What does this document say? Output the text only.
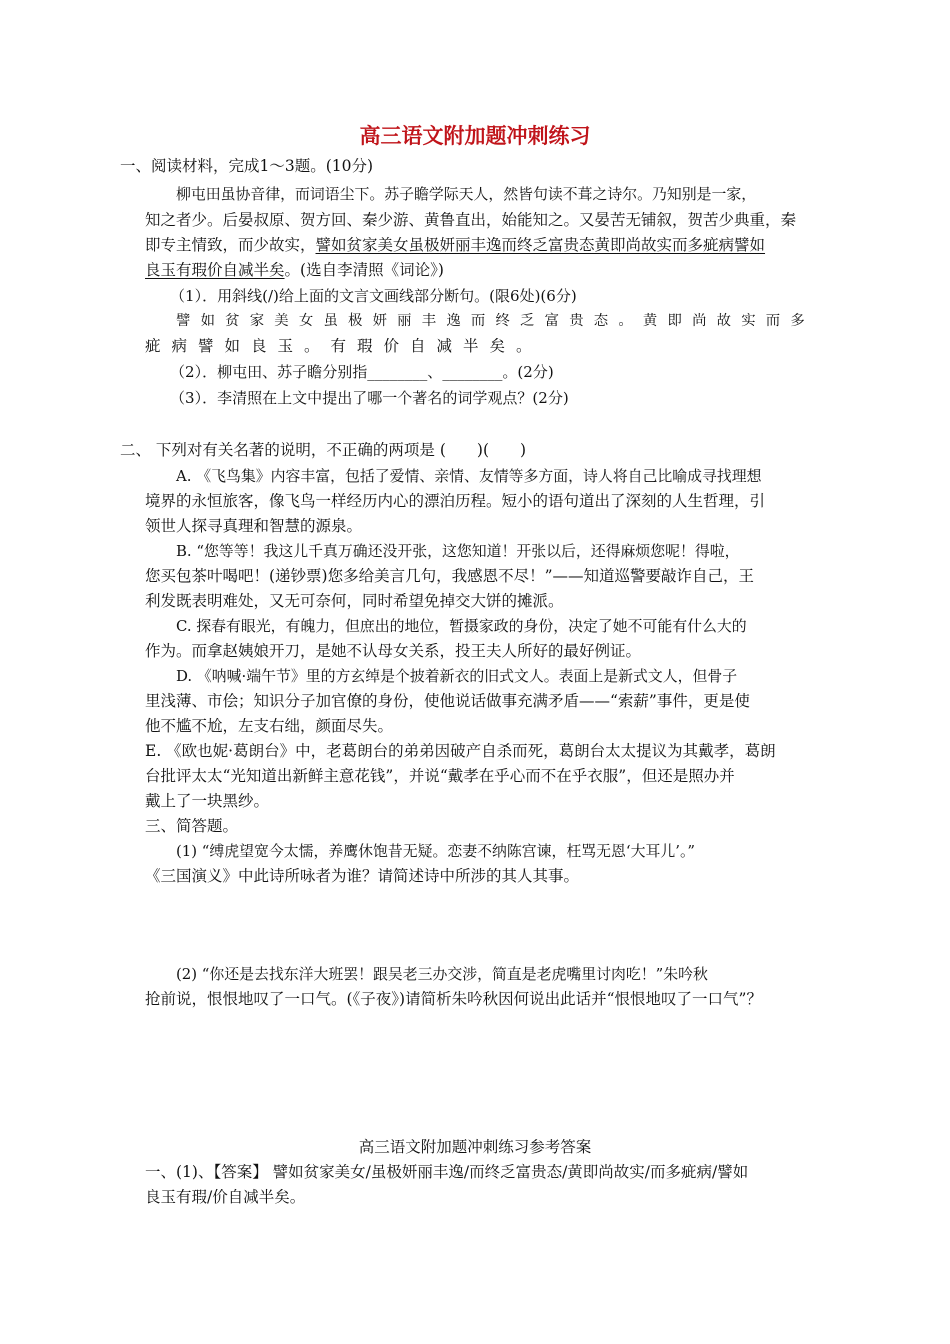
高三语文附加题冲刺练习
一、阅读材料，完成1～3题。(10分)
柳屯田虽协音律，而词语尘下。苏子瞻学际天人，然皆句读不葺之诗尔。乃知别是一家，
知之者少。后晏叔原、贺方回、秦少游、黄鲁直出，始能知之。又晏苦无铺叙，贺苦少典重，秦
即专主情致，而少故实，譬如贫家美女虽极妍丽丰逸而终乏富贵态黄即尚故实而多疵病譬如
良玉有瑕价自减半矣。(选自李清照《词论》)
（1）．用斜线(/)给上面的文言文画线部分断句。(限6处)(6分)
譬如贫家美女虽极妍丽丰逸而终乏富贵态。黄即尚故实而多
疵病譬如良玉。有瑕价自减半矣。
（2）．柳屯田、苏子瞻分别指________、________。(2分)
（3）．李清照在上文中提出了哪一个著名的词学观点？(2分)
二、 下列对有关名著的说明，不正确的两项是 (　　)(　　)
A. 《飞鸟集》内容丰富，包括了爱情、亲情、友情等多方面，诗人将自己比喻成寻找理想
境界的永恒旅客，像飞鸟一样经历内心的漂泊历程。短小的语句道出了深刻的人生哲理，引
领世人探寻真理和智慧的源泉。
B. “您等等！我这儿千真万确还没开张，这您知道！开张以后，还得麻烦您呢！得啦，
您买包茶叶喝吧！(递钞票)您多给美言几句，我感恩不尽！”——知道巡警要敲诈自己，王
利发既表明难处，又无可奈何，同时希望免掉交大饼的摊派。
C. 探春有眼光，有魄力，但庶出的地位，暂摄家政的身份，决定了她不可能有什么大的
作为。而拿赵姨娘开刀，是她不认母女关系，投王夫人所好的最好例证。
D. 《呐喊·端午节》里的方玄绰是个披着新衣的旧式文人。表面上是新式文人，但骨子
里浅薄、市侩；知识分子加官僚的身份，使他说话做事充满矛盾——“索薪”事件，更是使
他不尴不尬，左支右绌，颜面尽失。
E. 《欧也妮·葛朗台》中，老葛朗台的弟弟因破产自杀而死，葛朗台太太提议为其戴孝，葛朗
台批评太太“光知道出新鲜主意花钱”，并说“戴孝在乎心而不在乎衣服”，但还是照办并
戴上了一块黑纱。
三、简答题。
(1) “缚虎望宽今太懦，养鹰休饱昔无疑。恋妻不纳陈宫谏，枉骂无恩‘大耳儿’。”
《三国演义》中此诗所咏者为谁？请简述诗中所涉的其人其事。
(2) “你还是去找东洋大班罢！跟吴老三办交涉，简直是老虎嘴里讨肉吃！”朱吟秋
抢前说，恨恨地叹了一口气。(《子夜》)请简析朱吟秋因何说出此话并“恨恨地叹了一口气”？
高三语文附加题冲刺练习参考答案
一、(1)、【答案】 譬如贫家美女/虽极妍丽丰逸/而终乏富贵态/黄即尚故实/而多疵病/譬如
良玉有瑕/价自减半矣。
